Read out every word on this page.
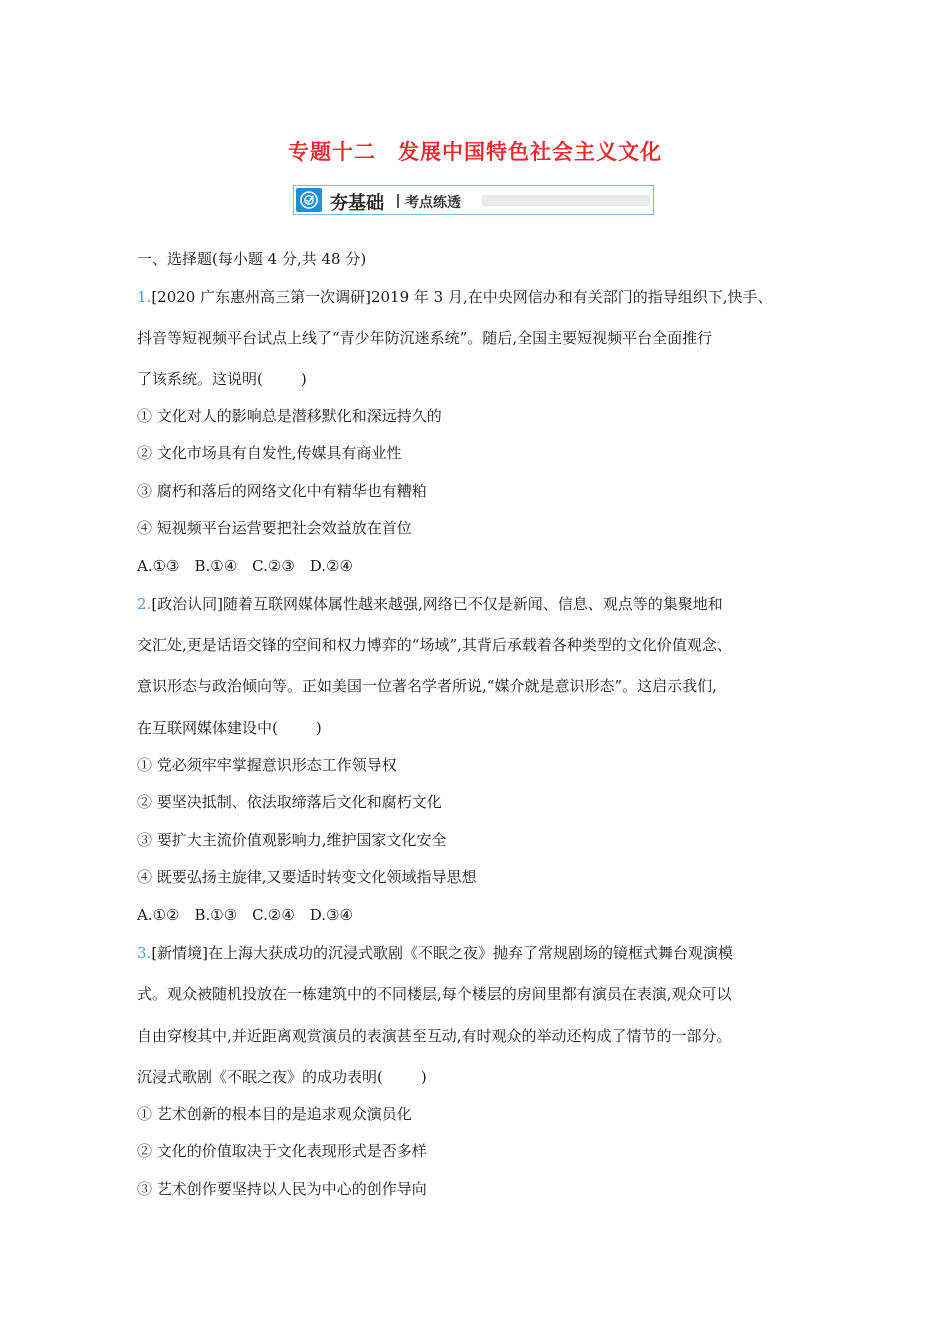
专题十二 发展中国特色社会主义文化
夯基础 考点练透
一、选择题(每小题 4 分,共 48 分)
1.[2020 广东惠州高三第一次调研]2019 年 3 月,在中央网信办和有关部门的指导组织下,快手、
抖音等短视频平台试点上线了“青少年防沉迷系统”。随后,全国主要短视频平台全面推行
了该系统。这说明(	)
① 文化对人的影响总是潜移默化和深远持久的
② 文化市场具有自发性,传媒具有商业性
③ 腐朽和落后的网络文化中有精华也有糟粕
④ 短视频平台运营要把社会效益放在首位
A.①③　B.①④　C.②③　D.②④
2.[政治认同]随着互联网媒体属性越来越强,网络已不仅是新闻、信息、观点等的集聚地和
交汇处,更是话语交锋的空间和权力博弈的“场域”,其背后承载着各种类型的文化价值观念、
意识形态与政治倾向等。正如美国一位著名学者所说,“媒介就是意识形态”。这启示我们,
在互联网媒体建设中(	)
① 党必须牢牢掌握意识形态工作领导权
② 要坚决抵制、依法取缔落后文化和腐朽文化
③ 要扩大主流价值观影响力,维护国家文化安全
④ 既要弘扬主旋律,又要适时转变文化领域指导思想
A.①②　B.①③　C.②④　D.③④
3.[新情境]在上海大获成功的沉浸式歌剧《不眠之夜》抛弃了常规剧场的镜框式舞台观演模
式。观众被随机投放在一栋建筑中的不同楼层,每个楼层的房间里都有演员在表演,观众可以
自由穿梭其中,并近距离观赏演员的表演甚至互动,有时观众的举动还构成了情节的一部分。
沉浸式歌剧《不眠之夜》的成功表明(	)
① 艺术创新的根本目的是追求观众演员化
② 文化的价值取决于文化表现形式是否多样
③ 艺术创作要坚持以人民为中心的创作导向
